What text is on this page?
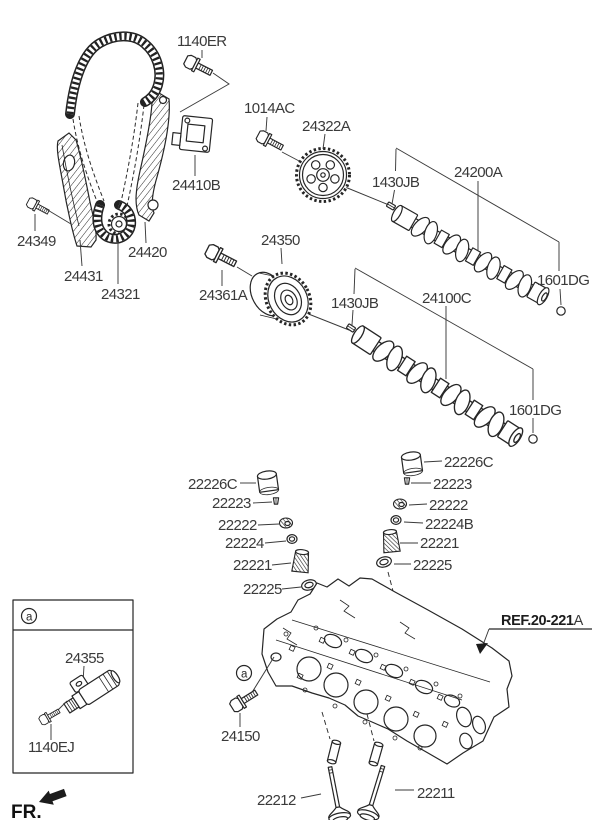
1140ER
24410B
24349
24431
24321
24420
1014AC
24322A
1430JB
24200A
1601DG
24350
24361A	1430JB	24100C
1601DG
22226C
22223
22222
22224
22221
22225
22226C
22223
22222
22224B
22221
22225
REF.20-221A
a
24150
22212	22211
a
24355
1140EJ
FR.
